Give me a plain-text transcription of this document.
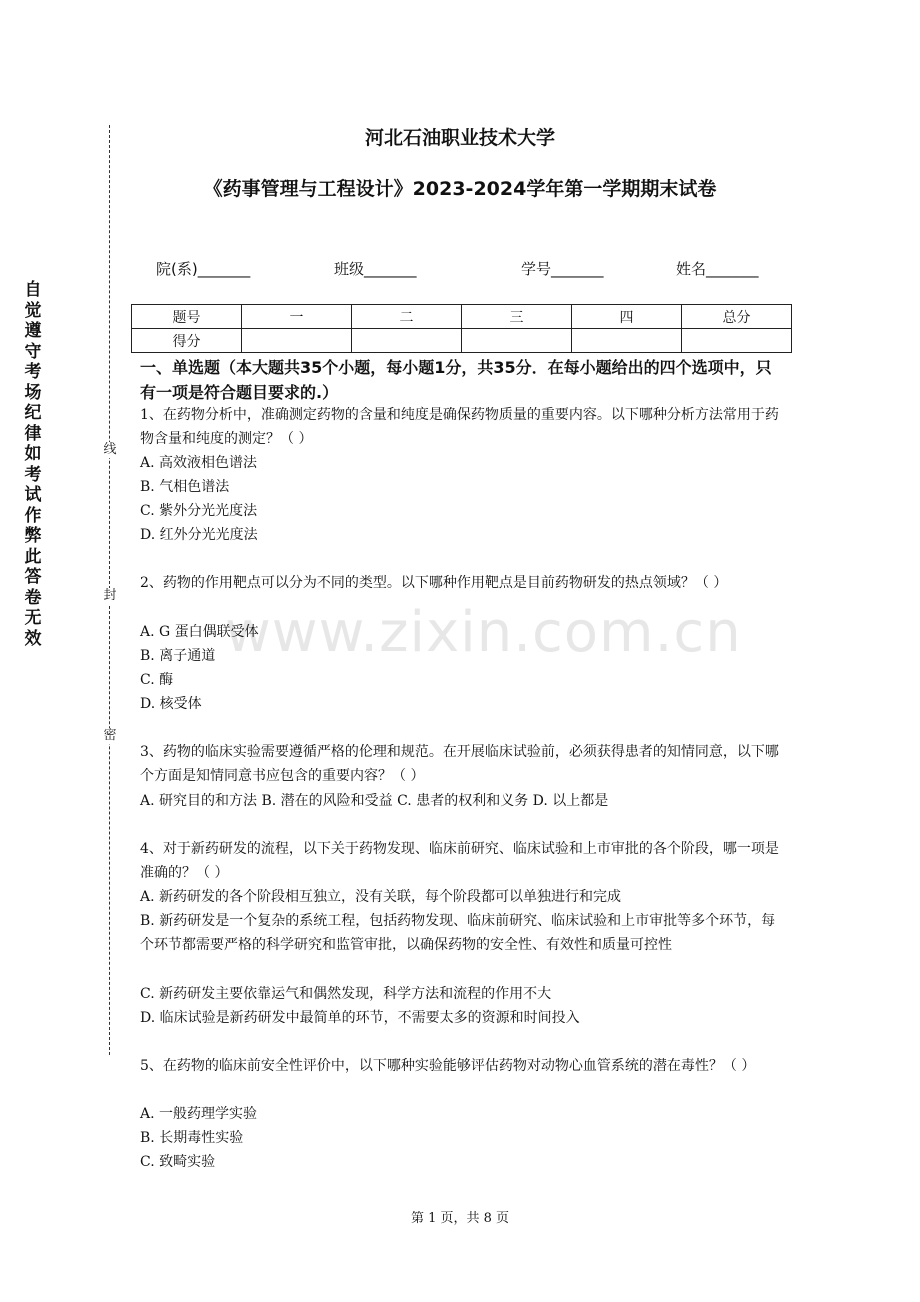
自
觉
遵
守
考
场
纪
律
如
考
试
作
弊
此
答
卷
无
效
线
封
密
河北石油职业技术大学
《药事管理与工程设计》2023-2024学年第一学期期末试卷
院(系)_______	班级_______	学号_______	姓名_______
题号	一	二	三	四	总分
得分					
一、单选题（本大题共35个小题，每小题1分，共35分．在每小题给出的四个选项中，只有一项是符合题目要求的.）
www.zixin.com.cn
1、在药物分析中，准确测定药物的含量和纯度是确保药物质量的重要内容。以下哪种分析方法常用于药物含量和纯度的测定？（ ）
A. 高效液相色谱法
B. 气相色谱法
C. 紫外分光光度法
D. 红外分光光度法
2、药物的作用靶点可以分为不同的类型。以下哪种作用靶点是目前药物研发的热点领域？（ ）
A. G 蛋白偶联受体
B. 离子通道
C. 酶
D. 核受体
3、药物的临床实验需要遵循严格的伦理和规范。在开展临床试验前，必须获得患者的知情同意，以下哪个方面是知情同意书应包含的重要内容？（ ）
A. 研究目的和方法 B. 潜在的风险和受益 C. 患者的权利和义务 D. 以上都是
4、对于新药研发的流程，以下关于药物发现、临床前研究、临床试验和上市审批的各个阶段，哪一项是准确的？（ ）
A. 新药研发的各个阶段相互独立，没有关联，每个阶段都可以单独进行和完成
B. 新药研发是一个复杂的系统工程，包括药物发现、临床前研究、临床试验和上市审批等多个环节，每个环节都需要严格的科学研究和监管审批，以确保药物的安全性、有效性和质量可控性
C. 新药研发主要依靠运气和偶然发现，科学方法和流程的作用不大
D. 临床试验是新药研发中最简单的环节，不需要太多的资源和时间投入
5、在药物的临床前安全性评价中，以下哪种实验能够评估药物对动物心血管系统的潜在毒性？（ ）
A. 一般药理学实验
B. 长期毒性实验
C. 致畸实验
第 1 页，共 8 页
